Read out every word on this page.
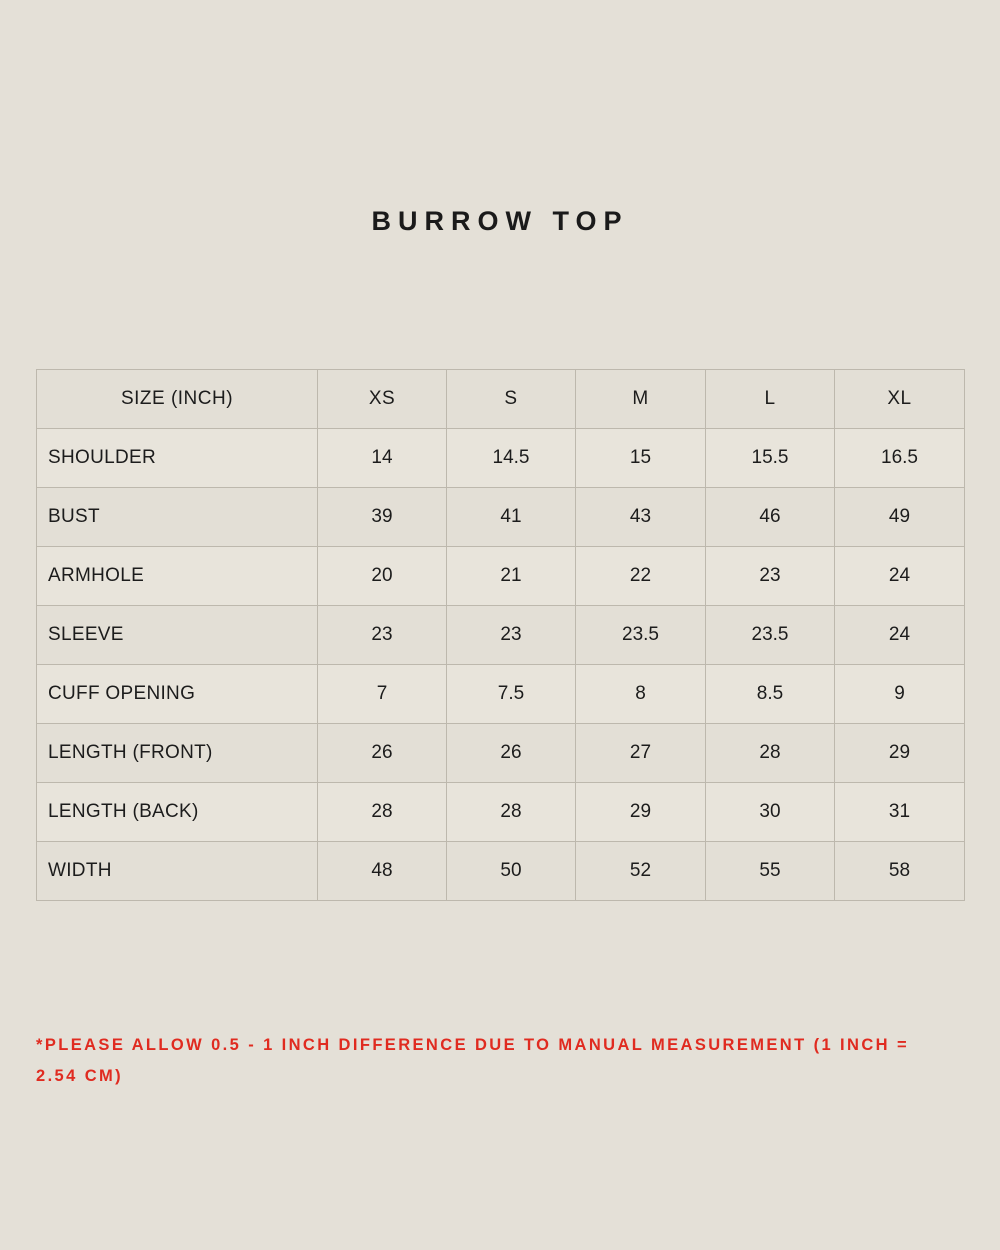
BURROW TOP
SIZE (INCH)	XS	S	M	L	XL
SHOULDER	14	14.5	15	15.5	16.5
BUST	39	41	43	46	49
ARMHOLE	20	21	22	23	24
SLEEVE	23	23	23.5	23.5	24
CUFF OPENING	7	7.5	8	8.5	9
LENGTH (FRONT)	26	26	27	28	29
LENGTH (BACK)	28	28	29	30	31
WIDTH	48	50	52	55	58
*PLEASE ALLOW 0.5 - 1 INCH DIFFERENCE DUE TO MANUAL MEASUREMENT (1 INCH = 2.54 CM)
